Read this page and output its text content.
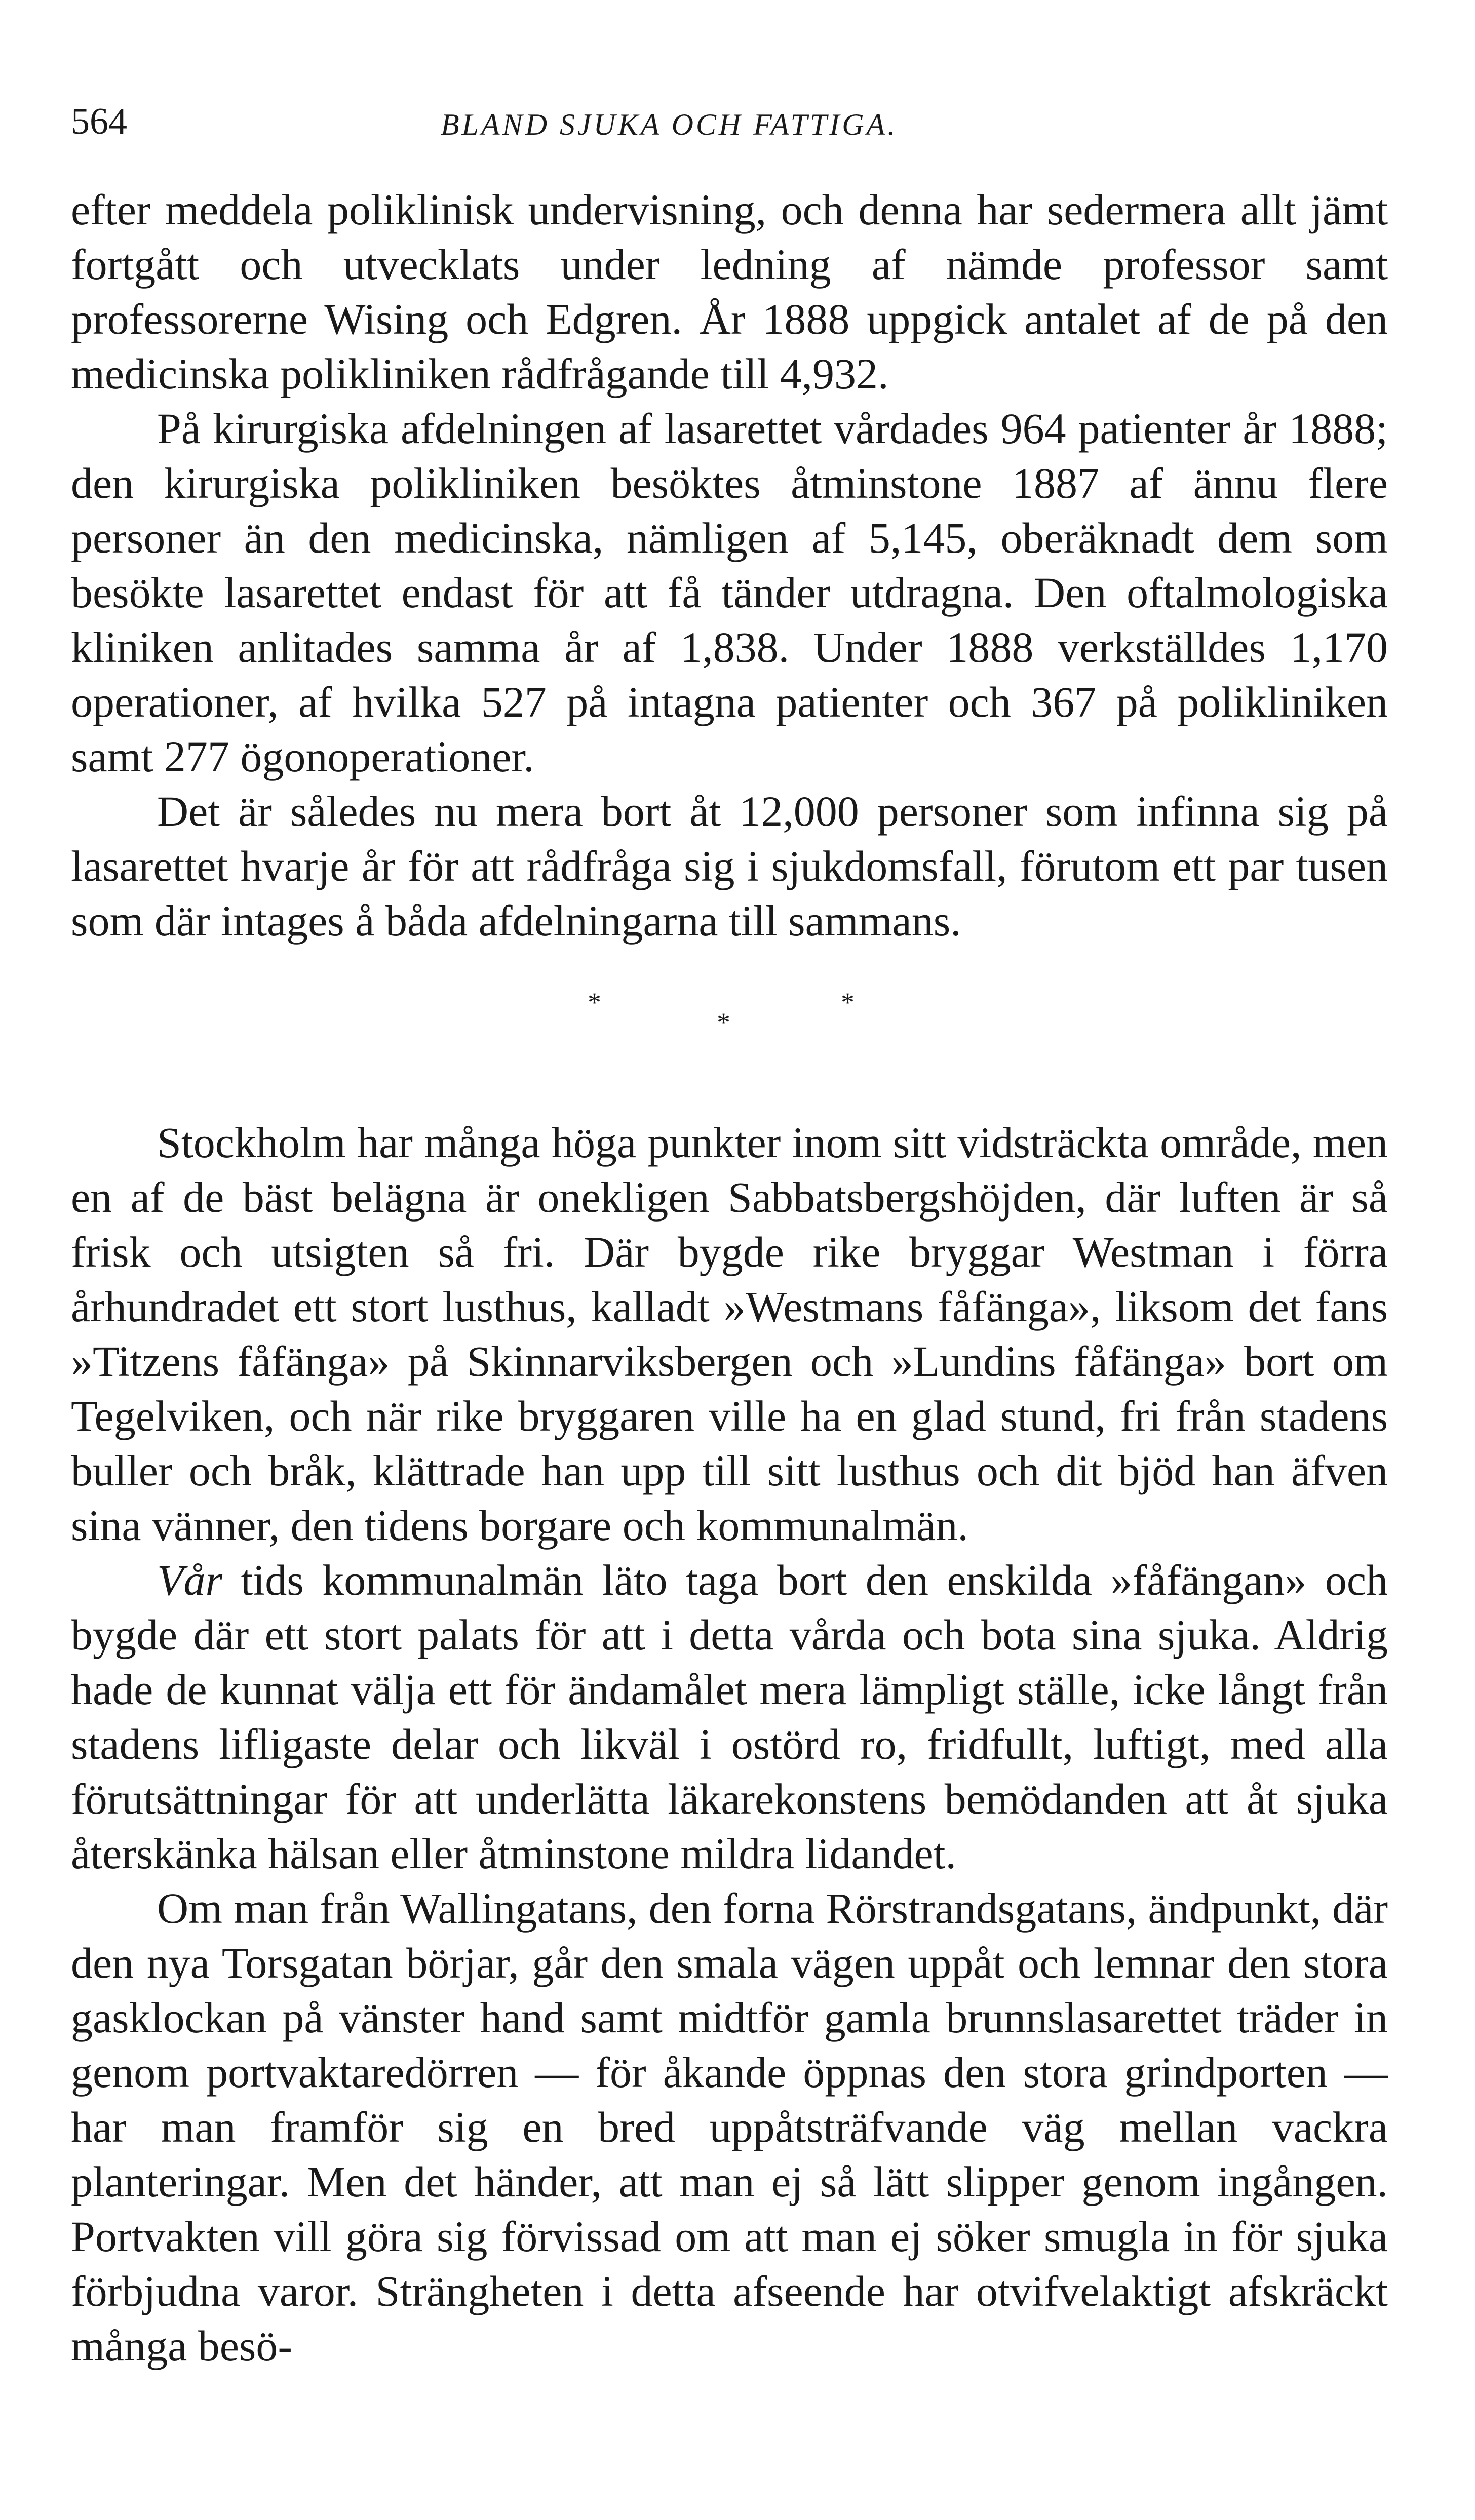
564	BLAND SJUKA OCH FATTIGA.

efter meddela poliklinisk undervisning, och denna har sedermera allt jämt fortgått och utvecklats under ledning af nämde professor samt professorerne Wising och Edgren. År 1888 uppgick antalet af de på den medicinska polikliniken rådfrågande till 4,932.

På kirurgiska afdelningen af lasarettet vårdades 964 patienter år 1888; den kirurgiska polikliniken besöktes åtminstone 1887 af ännu flere personer än den medicinska, nämligen af 5,145, oberäknadt dem som besökte lasarettet endast för att få tänder utdragna. Den oftalmologiska kliniken anlitades samma år af 1,838. Under 1888 verkställdes 1,170 operationer, af hvilka 527 på intagna patienter och 367 på polikliniken samt 277 ögonoperationer.

Det är således nu mera bort åt 12,000 personer som infinna sig på lasarettet hvarje år för att rådfråga sig i sjukdomsfall, förutom ett par tusen som där intages å båda afdelningarna till sammans.

*
*
*

Stockholm har många höga punkter inom sitt vidsträckta område, men en af de bäst belägna är onekligen Sabbatsbergshöjden, där luften är så frisk och utsigten så fri. Där bygde rike bryggar Westman i förra århundradet ett stort lusthus, kalladt »Westmans fåfänga», liksom det fans »Titzens fåfänga» på Skinnarviksbergen och »Lundins fåfänga» bort om Tegelviken, och när rike bryggaren ville ha en glad stund, fri från stadens buller och bråk, klättrade han upp till sitt lusthus och dit bjöd han äfven sina vänner, den tidens borgare och kommunalmän.

Vår tids kommunalmän läto taga bort den enskilda »fåfängan» och bygde där ett stort palats för att i detta vårda och bota sina sjuka. Aldrig hade de kunnat välja ett för ändamålet mera lämpligt ställe, icke långt från stadens lifligaste delar och likväl i ostörd ro, fridfullt, luftigt, med alla förutsättningar för att underlätta läkarekonstens bemödanden att åt sjuka återskänka hälsan eller åtminstone mildra lidandet.

Om man från Wallingatans, den forna Rörstrandsgatans, ändpunkt, där den nya Torsgatan börjar, går den smala vägen uppåt och lemnar den stora gasklockan på vänster hand samt midtför gamla brunnslasarettet träder in genom portvaktaredörren — för åkande öppnas den stora grindporten — har man framför sig en bred uppåtsträfvande väg mellan vackra planteringar. Men det händer, att man ej så lätt slipper genom ingången. Portvakten vill göra sig förvissad om att man ej söker smugla in för sjuka förbjudna varor. Strängheten i detta afseende har otvifvelaktigt afskräckt många besö-
